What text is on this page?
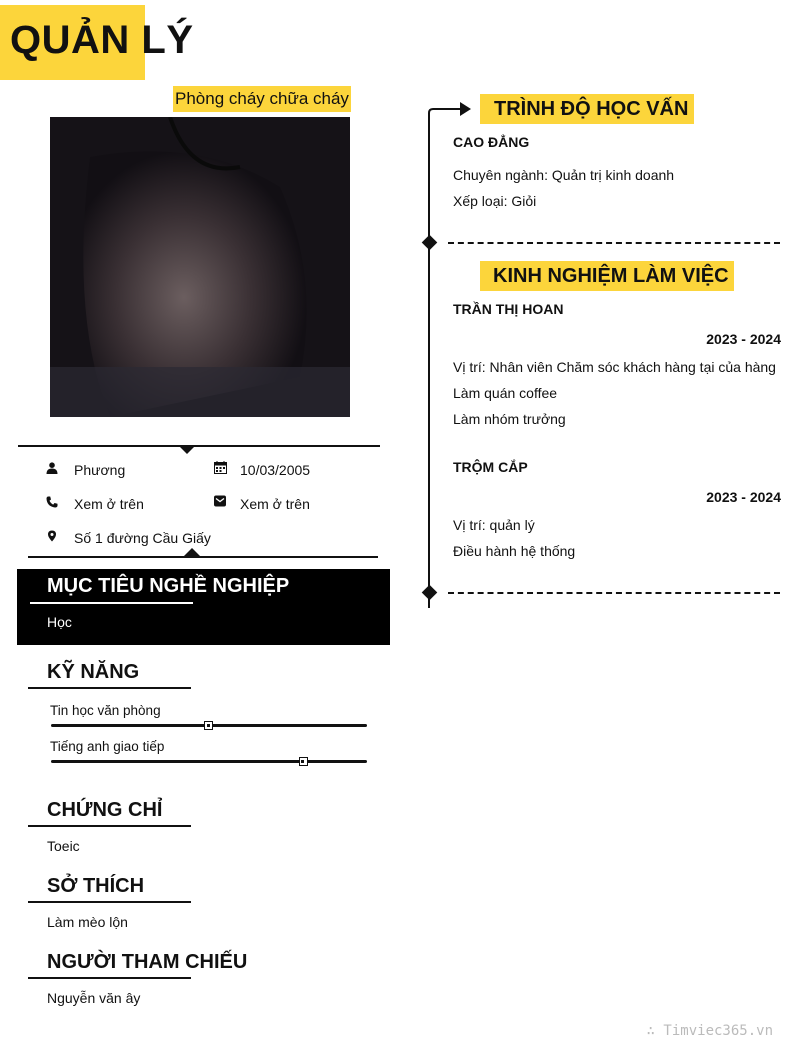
QUẢN LÝ
Phòng cháy chữa cháy
Phương	10/03/2005
Xem ở trên	Xem ở trên
Số 1 đường Cầu Giấy
MỤC TIÊU NGHỀ NGHIỆP
Học
KỸ NĂNG
Tin học văn phòng
Tiếng anh giao tiếp
CHỨNG CHỈ
Toeic
SỞ THÍCH
Làm mèo lộn
NGƯỜI THAM CHIẾU
Nguyễn văn ây
TRÌNH ĐỘ HỌC VẤN
CAO ĐẲNG
Chuyên ngành: Quản trị kinh doanh
Xếp loại: Giỏi
KINH NGHIỆM LÀM VIỆC
TRẦN THỊ HOAN
2023 - 2024
Vị trí: Nhân viên Chăm sóc khách hàng tại của hàng
Làm quán coffee
Làm nhóm trưởng
TRỘM CẮP
2023 - 2024
Vị trí: quản lý
Điều hành hệ thống
∴ Timviec365.vn
